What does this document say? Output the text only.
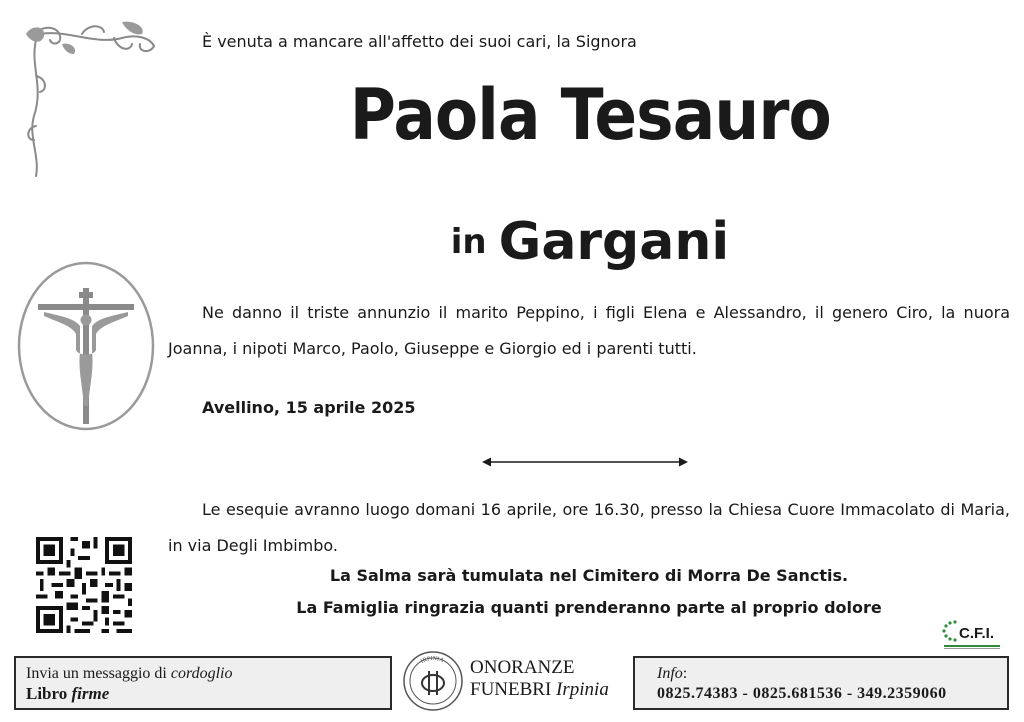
È venuta a mancare all'affetto dei suoi cari, la Signora
Paola Tesauro
in Gargani
Ne danno il triste annunzio il marito Peppino, i figli Elena e Alessandro, il genero Ciro, la nuora Joanna, i nipoti Marco, Paolo, Giuseppe e Giorgio ed i parenti tutti.
Avellino, 15 aprile 2025
Le esequie avranno luogo domani 16 aprile, ore 16.30, presso la Chiesa Cuore Immacolato di Maria, in via Degli Imbimbo.
La Salma sarà tumulata nel Cimitero di Morra De Sanctis.
La Famiglia ringrazia quanti prenderanno parte al proprio dolore
C.F.I.
Invia un messaggio di cordoglio
Libro firme
IRPINIA ONORANZE
FUNEBRI Irpinia
Info:
0825.74383 - 0825.681536 - 349.2359060
